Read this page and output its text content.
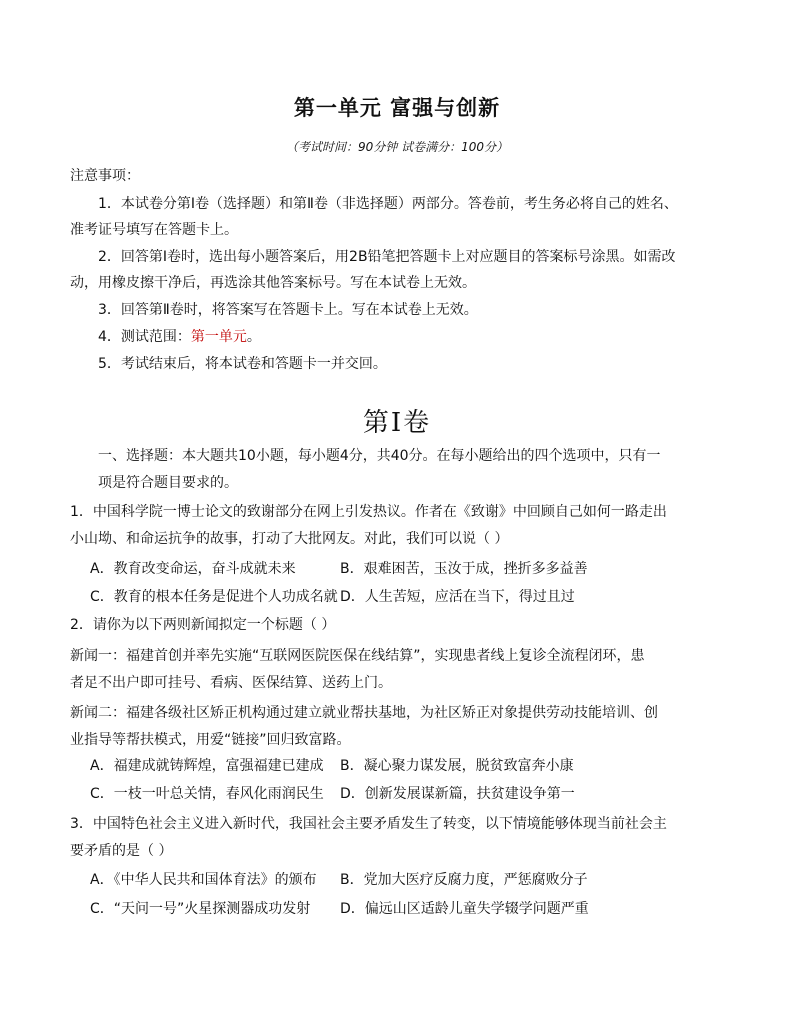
第一单元 富强与创新
（考试时间：90分钟 试卷满分：100分）
注意事项：
1．本试卷分第Ⅰ卷（选择题）和第Ⅱ卷（非选择题）两部分。答卷前，考生务必将自己的姓名、
准考证号填写在答题卡上。
2．回答第Ⅰ卷时，选出每小题答案后，用2B铅笔把答题卡上对应题目的答案标号涂黑。如需改
动，用橡皮擦干净后，再选涂其他答案标号。写在本试卷上无效。
3．回答第Ⅱ卷时，将答案写在答题卡上。写在本试卷上无效。
4．测试范围：第一单元。
5．考试结束后，将本试卷和答题卡一并交回。
第Ⅰ卷
一、选择题：本大题共10小题，每小题4分，共40分。在每小题给出的四个选项中，只有一
项是符合题目要求的。
1．中国科学院一博士论文的致谢部分在网上引发热议。作者在《致谢》中回顾自己如何一路走出
小山坳、和命运抗争的故事，打动了大批网友。对此，我们可以说（ ）
A．教育改变命运，奋斗成就未来	B．艰难困苦，玉汝于成，挫折多多益善
C．教育的根本任务是促进个人功成名就 D．人生苦短，应活在当下，得过且过
2．请你为以下两则新闻拟定一个标题（ ）
新闻一：福建首创并率先实施“互联网医院医保在线结算”，实现患者线上复诊全流程闭环，患
者足不出户即可挂号、看病、医保结算、送药上门。
新闻二：福建各级社区矫正机构通过建立就业帮扶基地，为社区矫正对象提供劳动技能培训、创
业指导等帮扶模式，用爱“链接”回归致富路。
A．福建成就铸辉煌，富强福建已建成 B．凝心聚力谋发展，脱贫致富奔小康
C．一枝一叶总关情，春风化雨润民生 D．创新发展谋新篇，扶贫建设争第一
3．中国特色社会主义进入新时代，我国社会主要矛盾发生了转变，以下情境能够体现当前社会主
要矛盾的是（ ）
A．《中华人民共和国体育法》的颁布 B．党加大医疗反腐力度，严惩腐败分子
C．“天问一号”火星探测器成功发射 D．偏远山区适龄儿童失学辍学问题严重
